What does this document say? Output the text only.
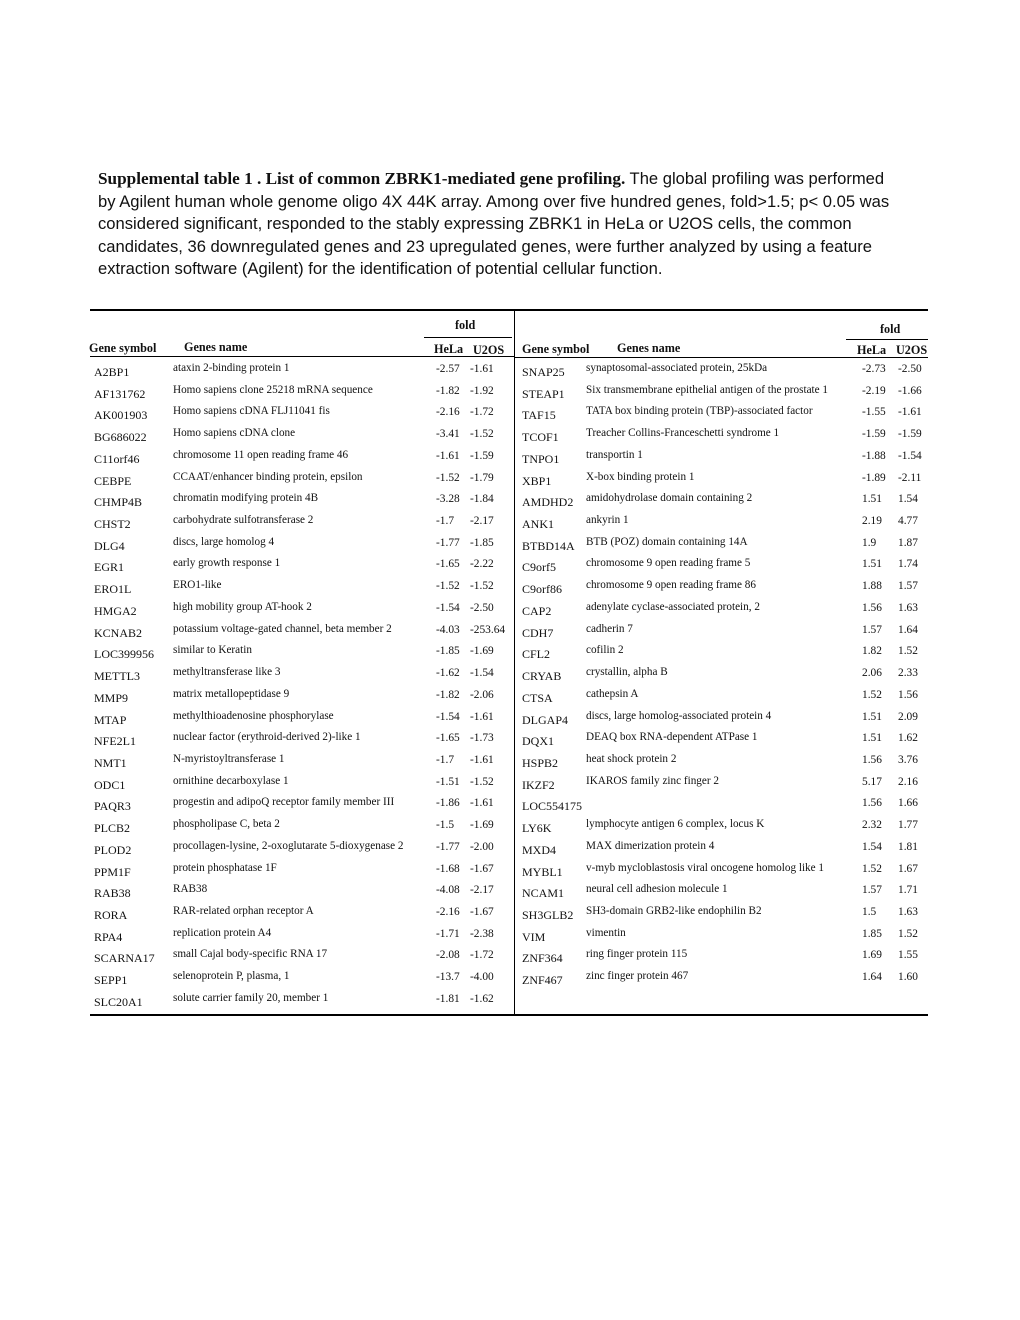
Supplemental table 1 . List of common ZBRK1-mediated gene profiling. The global profiling was performed by Agilent human whole genome oligo 4X 44K array. Among over five hundred genes, fold>1.5; p< 0.05 was considered significant, responded to the stably expressing ZBRK1 in HeLa or U2OS cells, the common candidates, 36 downregulated genes and 23 upregulated genes, were further analyzed by using a feature extraction software (Agilent) for the identification of potential cellular function.
fold	fold
Gene symbol Genes name	HeLa U2OS Gene symbol Genes name	HeLa U2OS
A2BP1	ataxin 2-binding protein 1	-2.57 -1.61
AF131762 Homo sapiens clone 25218 mRNA sequence	-1.82 -1.92
AK001903 Homo sapiens cDNA FLJ11041 fis	-2.16 -1.72
BG686022 Homo sapiens cDNA clone	-3.41 -1.52
C11orf46	chromosome 11 open reading frame 46	-1.61 -1.59
CEBPE	CCAAT/enhancer binding protein, epsilon	-1.52 -1.79
CHMP4B	chromatin modifying protein 4B	-3.28 -1.84
CHST2	carbohydrate sulfotransferase 2	-1.7 -2.17
DLG4	discs, large homolog 4	-1.77 -1.85
EGR1	early growth response 1	-1.65 -2.22
ERO1L	ERO1-like	-1.52 -1.52
HMGA2	high mobility group AT-hook 2	-1.54 -2.50
KCNAB2	potassium voltage-gated channel, beta member 2	-4.03 -253.64
LOC399956 similar to Keratin	-1.85 -1.69
METTL3	methyltransferase like 3	-1.62 -1.54
MMP9	matrix metallopeptidase 9	-1.82 -2.06
MTAP	methylthioadenosine phosphorylase	-1.54 -1.61
NFE2L1	nuclear factor (erythroid-derived 2)-like 1	-1.65 -1.73
NMT1	N-myristoyltransferase 1	-1.7 -1.61
ODC1	ornithine decarboxylase 1	-1.51 -1.52
PAQR3	progestin and adipoQ receptor family member III	-1.86 -1.61
PLCB2	phospholipase C, beta 2	-1.5 -1.69
PLOD2	procollagen-lysine, 2-oxoglutarate 5-dioxygenase 2	-1.77 -2.00
PPM1F	protein phosphatase 1F	-1.68 -1.67
RAB38	RAB38	-4.08 -2.17
RORA	RAR-related orphan receptor A	-2.16 -1.67
RPA4	replication protein A4	-1.71 -2.38
SCARNA17 small Cajal body-specific RNA 17	-2.08 -1.72
SEPP1	selenoprotein P, plasma, 1	-13.7 -4.00
SLC20A1	solute carrier family 20, member 1	-1.81 -1.62
SNAP25 synaptosomal-associated protein, 25kDa	-2.73 -2.50
STEAP1 Six transmembrane epithelial antigen of the prostate 1	-2.19 -1.66
TAF15	TATA box binding protein (TBP)-associated factor	-1.55 -1.61
TCOF1 Treacher Collins-Franceschetti syndrome 1	-1.59 -1.59
TNPO1 transportin 1	-1.88 -1.54
XBP1	X-box binding protein 1	-1.89 -2.11
AMDHD2 amidohydrolase domain containing 2	1.51 1.54
ANK1	ankyrin 1	2.19 4.77
BTBD14A BTB (POZ) domain containing 14A	1.9 1.87
C9orf5	chromosome 9 open reading frame 5	1.51 1.74
C9orf86 chromosome 9 open reading frame 86	1.88 1.57
CAP2	adenylate cyclase-associated protein, 2	1.56 1.63
CDH7	cadherin 7	1.57 1.64
CFL2	cofilin 2	1.82 1.52
CRYAB crystallin, alpha B	2.06 2.33
CTSA	cathepsin A	1.52 1.56
DLGAP4 discs, large homolog-associated protein 4	1.51 2.09
DQX1	DEAQ box RNA-dependent ATPase 1	1.51 1.62
HSPB2 heat shock protein 2	1.56 3.76
IKZF2	IKAROS family zinc finger 2	5.17 2.16
LOC554175	1.56 1.66
LY6K	lymphocyte antigen 6 complex, locus K	2.32 1.77
MXD4	MAX dimerization protein 4	1.54 1.81
MYBL1 v-myb mycloblastosis viral oncogene homolog like 1	1.52 1.67
NCAM1 neural cell adhesion molecule 1	1.57 1.71
SH3GLB2 SH3-domain GRB2-like endophilin B2	1.5 1.63
VIM	vimentin	1.85 1.52
ZNF364 ring finger protein 115	1.69 1.55
ZNF467 zinc finger protein 467	1.64 1.60
